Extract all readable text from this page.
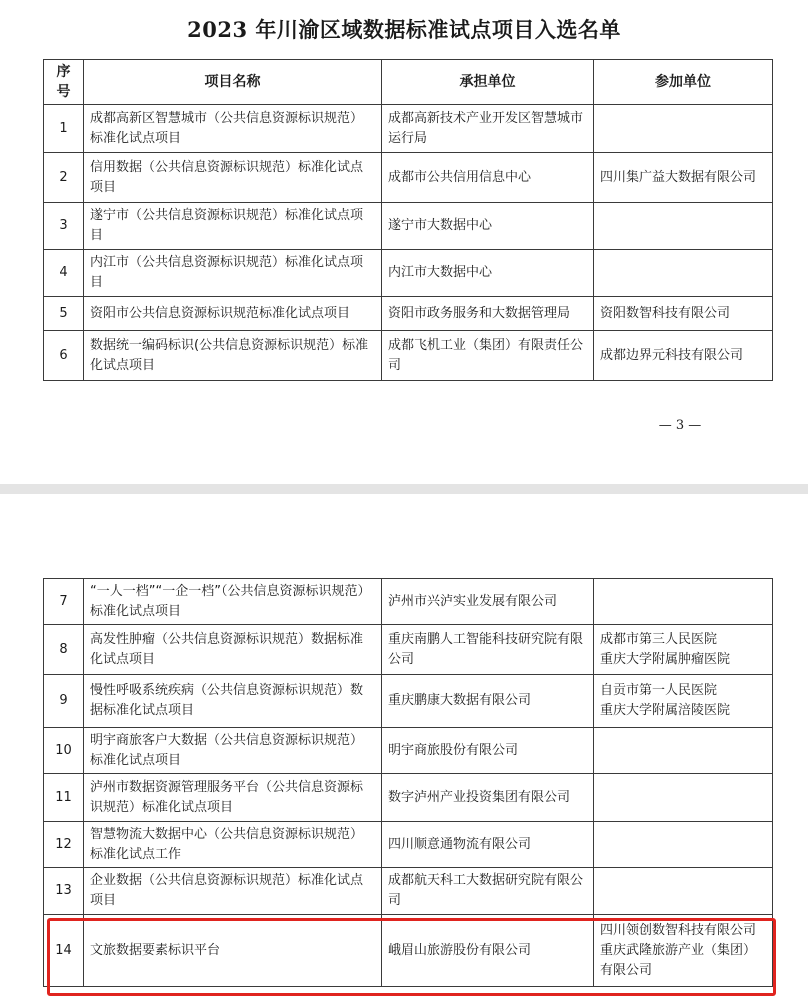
2023 年川渝区域数据标准试点项目入选名单
序号	项目名称	承担单位	参加单位
1	成都高新区智慧城市（公共信息资源标识规范）标准化试点项目	成都高新技术产业开发区智慧城市运行局	
2	信用数据（公共信息资源标识规范）标准化试点项目	成都市公共信用信息中心	四川集广益大数据有限公司
3	遂宁市（公共信息资源标识规范）标准化试点项目	遂宁市大数据中心	
4	内江市（公共信息资源标识规范）标准化试点项目	内江市大数据中心	
5	资阳市公共信息资源标识规范标准化试点项目	资阳市政务服务和大数据管理局	资阳数智科技有限公司
6	数据统一编码标识(公共信息资源标识规范）标准化试点项目	成都飞机工业（集团）有限责任公司	成都边界元科技有限公司
— 3 —
7	“一人一档”“一企一档”（公共信息资源标识规范）标准化试点项目	泸州市兴泸实业发展有限公司	
8	高发性肿瘤（公共信息资源标识规范）数据标准化试点项目	重庆南鹏人工智能科技研究院有限公司	成都市第三人民医院
重庆大学附属肿瘤医院
9	慢性呼吸系统疾病（公共信息资源标识规范）数据标准化试点项目	重庆鹏康大数据有限公司	自贡市第一人民医院
重庆大学附属涪陵医院
10	明宇商旅客户大数据（公共信息资源标识规范）标准化试点项目	明宇商旅股份有限公司	
11	泸州市数据资源管理服务平台（公共信息资源标识规范）标准化试点项目	数字泸州产业投资集团有限公司	
12	智慧物流大数据中心（公共信息资源标识规范）标准化试点工作	四川顺意通物流有限公司	
13	企业数据（公共信息资源标识规范）标准化试点项目	成都航天科工大数据研究院有限公司	
14	文旅数据要素标识平台	峨眉山旅游股份有限公司	四川领创数智科技有限公司
重庆武隆旅游产业（集团）有限公司
